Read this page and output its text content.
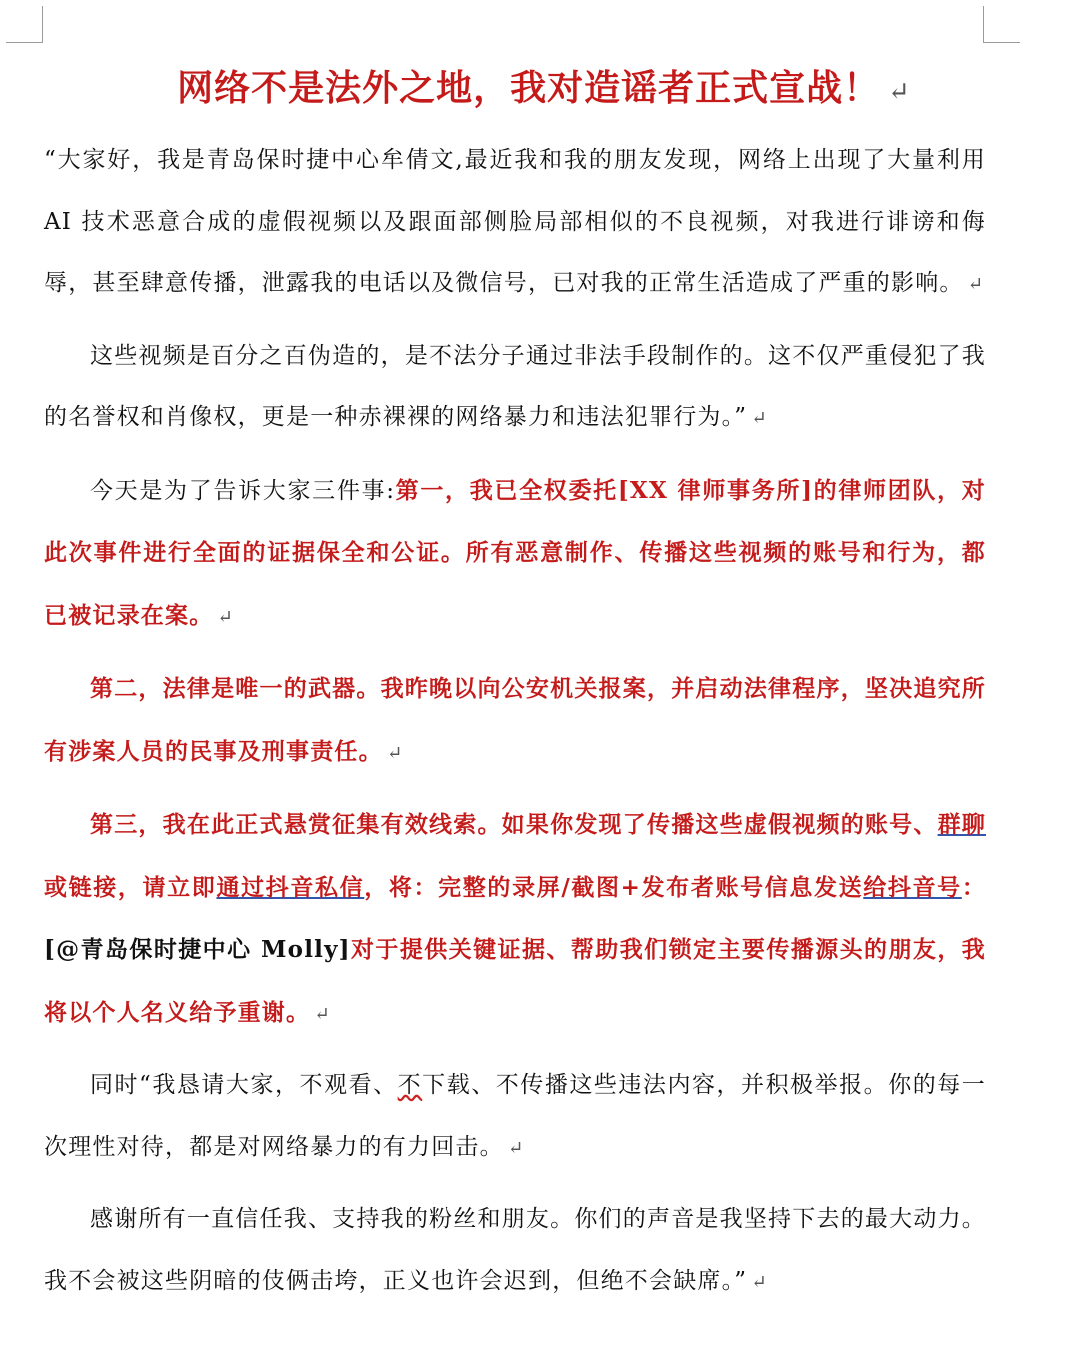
网络不是法外之地，我对造谣者正式宣战！ ↵

“大家好，我是青岛保时捷中心牟倩文,最近我和我的朋友发现，网络上出现了大量利用 AI 技术恶意合成的虚假视频以及跟面部侧脸局部相似的不良视频，对我进行诽谤和侮辱，甚至肆意传播，泄露我的电话以及微信号，已对我的正常生活造成了严重的影响。 ↵

这些视频是百分之百伪造的，是不法分子通过非法手段制作的。这不仅严重侵犯了我的名誉权和肖像权，更是一种赤裸裸的网络暴力和违法犯罪行为。” ↵

今天是为了告诉大家三件事:第一，我已全权委托[XX 律师事务所]的律师团队，对此次事件进行全面的证据保全和公证。所有恶意制作、传播这些视频的账号和行为，都已被记录在案。 ↵

第二，法律是唯一的武器。我昨晚以向公安机关报案，并启动法律程序，坚决追究所有涉案人员的民事及刑事责任。 ↵

第三，我在此正式悬赏征集有效线索。如果你发现了传播这些虚假视频的账号、群聊或链接，请立即通过抖音私信，将：完整的录屏/截图+发布者账号信息发送给抖音号：[@青岛保时捷中心 Molly]对于提供关键证据、帮助我们锁定主要传播源头的朋友，我将以个人名义给予重谢。 ↵

同时“我恳请大家，不观看、不下载、不传播这些违法内容，并积极举报。你的每一次理性对待，都是对网络暴力的有力回击。 ↵

感谢所有一直信任我、支持我的粉丝和朋友。你们的声音是我坚持下去的最大动力。我不会被这些阴暗的伎俩击垮，正义也许会迟到，但绝不会缺席。” ↵
